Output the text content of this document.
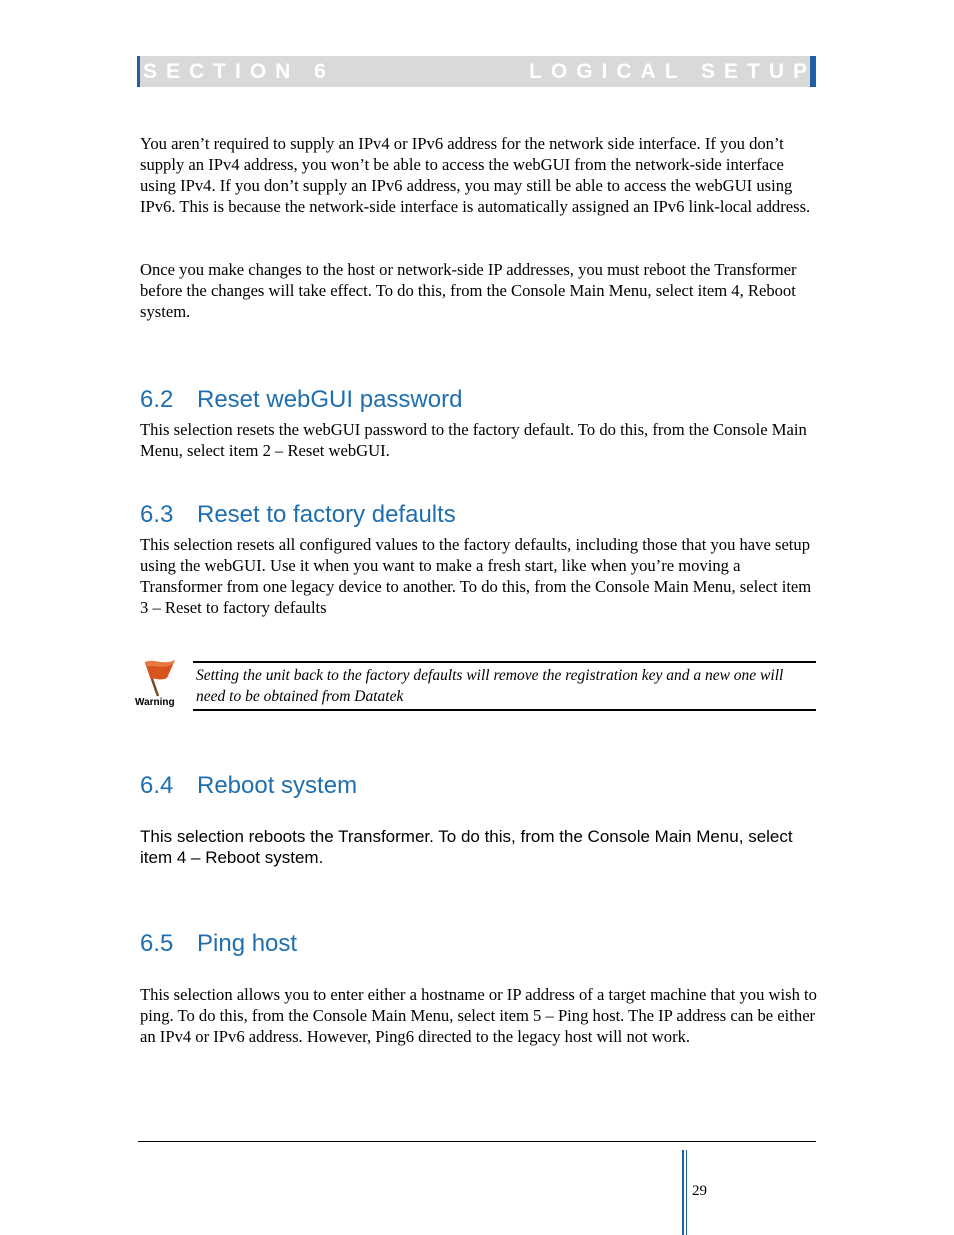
SECTION 6	LOGICAL SETUP

You aren’t required to supply an IPv4 or IPv6 address for the network side interface. If you don’t supply an IPv4 address, you won’t be able to access the webGUI from the network-side interface using IPv4. If you don’t supply an IPv6 address, you may still be able to access the webGUI using IPv6. This is because the network-side interface is automatically assigned an IPv6 link-local address.

Once you make changes to the host or network-side IP addresses, you must reboot the Transformer before the changes will take effect. To do this, from the Console Main Menu, select item 4, Reboot system.

6.2 Reset webGUI password

This selection resets the webGUI password to the factory default. To do this, from the Console Main Menu, select item 2 – Reset webGUI.

6.3 Reset to factory defaults

This selection resets all configured values to the factory defaults, including those that you have setup using the webGUI. Use it when you want to make a fresh start, like when you’re moving a Transformer from one legacy device to another. To do this, from the Console Main Menu, select item 3 – Reset to factory defaults

Warning

Setting the unit back to the factory defaults will remove the registration key and a new one will need to be obtained from Datatek

6.4 Reboot system

This selection reboots the Transformer. To do this, from the Console Main Menu, select item 4 – Reboot system.

6.5 Ping host

This selection allows you to enter either a hostname or IP address of a target machine that you wish to ping. To do this, from the Console Main Menu, select item 5 – Ping host. The IP address can be either an IPv4 or IPv6 address. However, Ping6 directed to the legacy host will not work.

29
